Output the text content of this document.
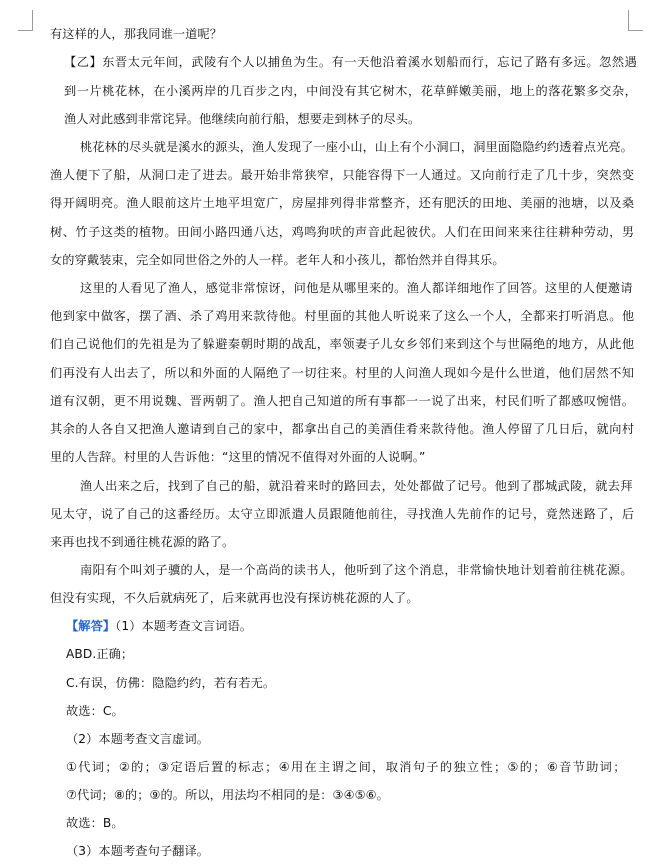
有这样的人，那我同谁一道呢？
【乙】东晋太元年间，武陵有个人以捕鱼为生。有一天他沿着溪水划船而行，忘记了路有多远。忽然遇
到一片桃花林，在小溪两岸的几百步之内，中间没有其它树木，花草鲜嫩美丽，地上的落花繁多交杂，
渔人对此感到非常诧异。他继续向前行船，想要走到林子的尽头。
桃花林的尽头就是溪水的源头，渔人发现了一座小山，山上有个小洞口，洞里面隐隐约约透着点光亮。
渔人便下了船，从洞口走了进去。最开始非常狭窄，只能容得下一人通过。又向前行走了几十步，突然变
得开阔明亮。渔人眼前这片土地平坦宽广，房屋排列得非常整齐，还有肥沃的田地、美丽的池塘，以及桑
树、竹子这类的植物。田间小路四通八达，鸡鸣狗吠的声音此起彼伏。人们在田间来来往往耕种劳动，男
女的穿戴装束，完全如同世俗之外的人一样。老年人和小孩儿，都怡然并自得其乐。
这里的人看见了渔人，感觉非常惊讶，问他是从哪里来的。渔人都详细地作了回答。这里的人便邀请
他到家中做客，摆了酒、杀了鸡用来款待他。村里面的其他人听说来了这么一个人，全都来打听消息。他
们自己说他们的先祖是为了躲避秦朝时期的战乱，率领妻子儿女乡邻们来到这个与世隔绝的地方，从此他
们再没有人出去了，所以和外面的人隔绝了一切往来。村里的人问渔人现如今是什么世道，他们居然不知
道有汉朝，更不用说魏、晋两朝了。渔人把自己知道的所有事都一一说了出来，村民们听了都感叹惋惜。
其余的人各自又把渔人邀请到自己的家中，都拿出自己的美酒佳肴来款待他。渔人停留了几日后，就向村
里的人告辞。村里的人告诉他：“这里的情况不值得对外面的人说啊。”
渔人出来之后，找到了自己的船，就沿着来时的路回去，处处都做了记号。他到了郡城武陵，就去拜
见太守，说了自己的这番经历。太守立即派遣人员跟随他前往，寻找渔人先前作的记号，竟然迷路了，后
来再也找不到通往桃花源的路了。
南阳有个叫刘子骥的人，是一个高尚的读书人，他听到了这个消息，非常愉快地计划着前往桃花源。
但没有实现，不久后就病死了，后来就再也没有探访桃花源的人了。
【解答】（1）本题考查文言词语。
ABD.正确；
C.有误，仿佛：隐隐约约，若有若无。
故选：C。
（2）本题考查文言虚词。
①代词；②的；③定语后置的标志；④用在主谓之间，取消句子的独立性；⑤的；⑥音节助词；
⑦代词；⑧的；⑨的。所以，用法均不相同的是：③④⑤⑥。
故选：B。
（3）本题考查句子翻译。
